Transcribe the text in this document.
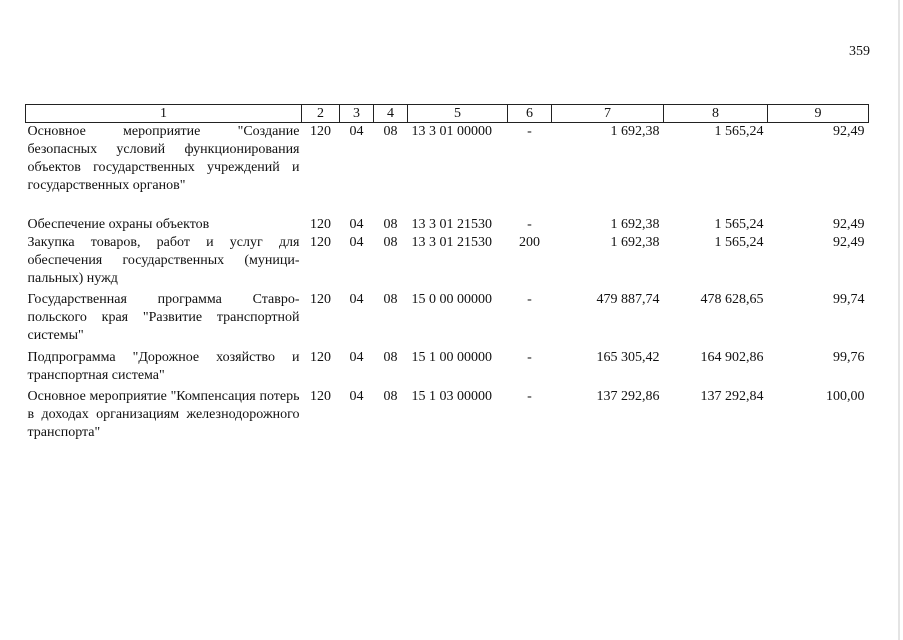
359
1	2	3	4	5	6	7	8	9
Основное мероприятие "Создание безопасных условий функционирования объектов государственных учреждений и государственных органов"	120	04	08	13 3 01 00000	-	1 692,38	1 565,24	92,49
Обеспечение охраны объектов	120	04	08	13 3 01 21530	-	1 692,38	1 565,24	92,49
Закупка товаров, работ и услуг для обеспечения государственных (муници-пальных) нужд	120	04	08	13 3 01 21530	200	1 692,38	1 565,24	92,49
Государственная программа Ставро-польского края "Развитие транспортной системы"	120	04	08	15 0 00 00000	-	479 887,74	478 628,65	99,74
Подпрограмма "Дорожное хозяйство и транспортная система"	120	04	08	15 1 00 00000	-	165 305,42	164 902,86	99,76
Основное мероприятие "Компенсация потерь в доходах организациям железнодорожного транспорта"	120	04	08	15 1 03 00000	-	137 292,86	137 292,84	100,00
